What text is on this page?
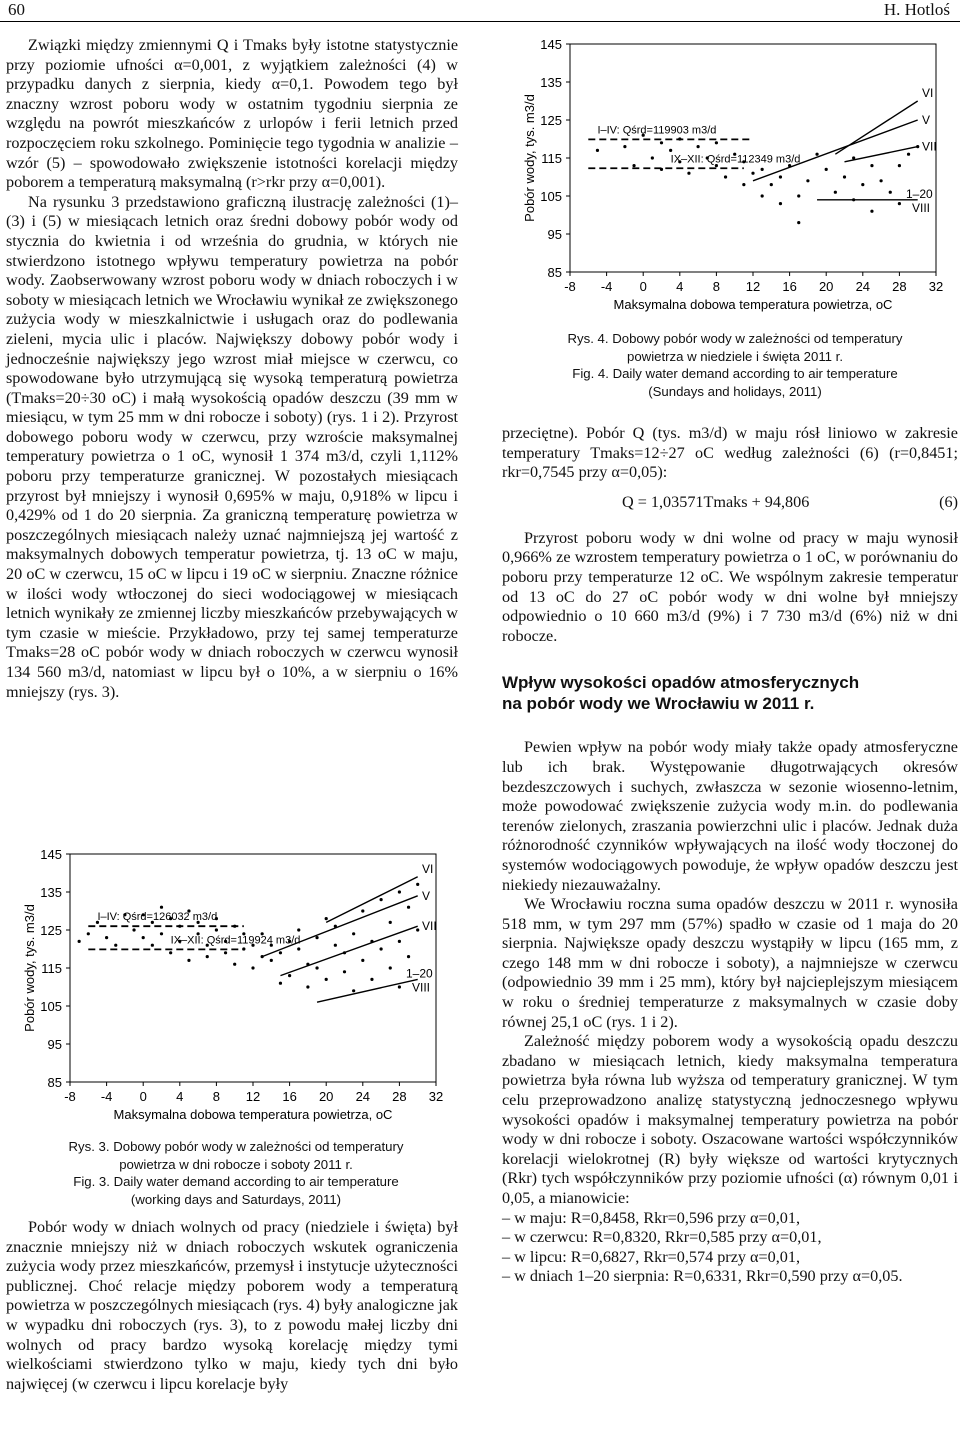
60	H. Hotloś

Związki między zmiennymi Q i Tmaks były istotne statystycznie przy poziomie ufności α=0,001, z wyjątkiem zależności (4) w przypadku danych z sierpnia, kiedy α=0,1. Powodem tego był znaczny wzrost poboru wody w ostatnim tygodniu sierpnia ze względu na powrót mieszkańców z urlopów i ferii letnich przed rozpoczęciem roku szkolnego. Pominięcie tego tygodnia w analizie – wzór (5) – spowodowało zwiększenie istotności korelacji między poborem a temperaturą maksymalną (r>rkr przy α=0,001).

Na rysunku 3 przedstawiono graficzną ilustrację zależności (1)–(3) i (5) w miesiącach letnich oraz średni dobowy pobór wody od stycznia do kwietnia i od września do grudnia, w których nie stwierdzono istotnego wpływu temperatury powietrza na pobór wody. Zaobserwowany wzrost poboru wody w dniach roboczych i w soboty w miesiącach letnich we Wrocławiu wynikał ze zwiększonego zużycia wody w mieszkalnictwie i usługach oraz do podlewania zieleni, mycia ulic i placów. Największy dobowy pobór wody i jednocześnie największy jego wzrost miał miejsce w czerwcu, co spowodowane było utrzymującą się wysoką temperaturą powietrza (Tmaks=20÷30 oC) i małą wysokością opadów deszczu (39 mm w miesiącu, w tym 25 mm w dni robocze i soboty) (rys. 1 i 2). Przyrost dobowego poboru wody w czerwcu, przy wzroście maksymalnej temperatury powietrza o 1 oC, wynosił 1 374 m3/d, czyli 1,112% poboru przy temperaturze granicznej. W pozostałych miesiącach przyrost był mniejszy i wynosił 0,695% w maju, 0,918% w lipcu i 0,429% od 1 do 20 sierpnia. Za graniczną temperaturę powietrza w poszczególnych miesiącach należy uznać najmniejszą jej wartość z maksymalnych dobowych temperatur powietrza, tj. 13 oC w maju, 20 oC w czerwcu, 15 oC w lipcu i 19 oC w sierpniu. Znaczne różnice w ilości wody wtłoczonej do sieci wodociągowej w miesiącach letnich wynikały ze zmiennej liczby mieszkańców przebywających w tym czasie w mieście. Przykładowo, przy tej samej temperaturze Tmaks=28 oC pobór wody w dniach roboczych w czerwcu wynosił 134 560 m3/d, natomiast w lipcu był o 10%, a w sierpniu o 16% mniejszy (rys. 3).

85
95
105
115
125
135
145
-8 -4 0 4 8 12 16 20 24 28 32
Maksymalna dobowa temperatura powietrza, oC
Pobór wody, tys. m3/d	I–IV: Qśrd=126032 m3/d
IX–XII: Qśrd=119924 m3/d
VI
V
VII
1–20
VIII
Rys. 3. Dobowy pobór wody w zależności od temperatury
powietrza w dni robocze i soboty 2011 r.
Fig. 3. Daily water demand according to air temperature
(working days and Saturdays, 2011)

Pobór wody w dniach wolnych od pracy (niedziele i święta) był znacznie mniejszy niż w dniach roboczych wskutek ograniczenia zużycia wody przez mieszkańców, przemysł i instytucje użyteczności publicznej. Choć relacje między poborem wody a temperaturą powietrza w poszczególnych miesiącach (rys. 4) były analogiczne jak w wypadku dni roboczych (rys. 3), to z powodu małej liczby dni wolnych od pracy bardzo wysoką korelację między tymi wielkościami stwierdzono tylko w maju, kiedy tych dni było najwięcej (w czerwcu i lipcu korelacje były

85
95
105
115
125
135
145
-8 -4 0 4 8 12 16 20 24 28 32
Maksymalna dobowa temperatura powietrza, oC
Pobór wody, tys. m3/d	I–IV: Qśrd=119903 m3/d
IX–XII: Qśrd=112349 m3/d
VI
V
VII
1–20
VIII
Rys. 4. Dobowy pobór wody w zależności od temperatury
powietrza w niedziele i święta 2011 r.
Fig. 4. Daily water demand according to air temperature
(Sundays and holidays, 2011)

przeciętne). Pobór Q (tys. m3/d) w maju rósł liniowo w zakresie temperatury Tmaks=12÷27 oC według zależności (6) (r=0,8451; rkr=0,7545 przy α=0,05):

Q = 1,03571Tmaks + 94,806	(6)

Przyrost poboru wody w dni wolne od pracy w maju wynosił 0,966% ze wzrostem temperatury powietrza o 1 oC, w porównaniu do poboru przy temperaturze 12 oC. We wspólnym zakresie temperatur od 13 oC do 27 oC pobór wody w dni wolne był mniejszy odpowiednio o 10 660 m3/d (9%) i 7 730 m3/d (6%) niż w dni robocze.

Wpływ wysokości opadów atmosferycznych
na pobór wody we Wrocławiu w 2011 r.

Pewien wpływ na pobór wody miały także opady atmosferyczne lub ich brak. Występowanie długotrwających okresów bezdeszczowych i suchych, zwłaszcza w sezonie wiosenno-letnim, może powodować zwiększenie zużycia wody m.in. do podlewania terenów zielonych, zraszania powierzchni ulic i placów. Jednak duża różnorodność czynników wpływających na ilość wody tłoczonej do systemów wodociągowych powoduje, że wpływ opadów deszczu jest niekiedy niezauważalny.

We Wrocławiu roczna suma opadów deszczu w 2011 r. wynosiła 518 mm, w tym 297 mm (57%) spadło w czasie od 1 maja do 20 sierpnia. Największe opady deszczu wystąpiły w lipcu (165 mm, z czego 148 mm w dni robocze i soboty), a najmniejsze w czerwcu (odpowiednio 39 mm i 25 mm), który był najcieplejszym miesiącem w roku o średniej temperaturze z maksymalnych w czasie doby równej 25,1 oC (rys. 1 i 2).

Zależność między poborem wody a wysokością opadu deszczu zbadano w miesiącach letnich, kiedy maksymalna temperatura powietrza była równa lub wyższa od temperatury granicznej. W tym celu przeprowadzono analizę statystyczną jednoczesnego wpływu wysokości opadów i maksymalnej temperatury powietrza na pobór wody w dni robocze i soboty. Oszacowane wartości współczynników korelacji wielokrotnej (R) były większe od wartości krytycznych (Rkr) tych współczynników przy poziomie ufności (α) równym 0,01 i 0,05, a mianowicie:

– w maju: R=0,8458, Rkr=0,596 przy α=0,01,
– w czerwcu: R=0,8320, Rkr=0,585 przy α=0,01,
– w lipcu: R=0,6827, Rkr=0,574 przy α=0,01,
– w dniach 1–20 sierpnia: R=0,6331, Rkr=0,590 przy α=0,05.
